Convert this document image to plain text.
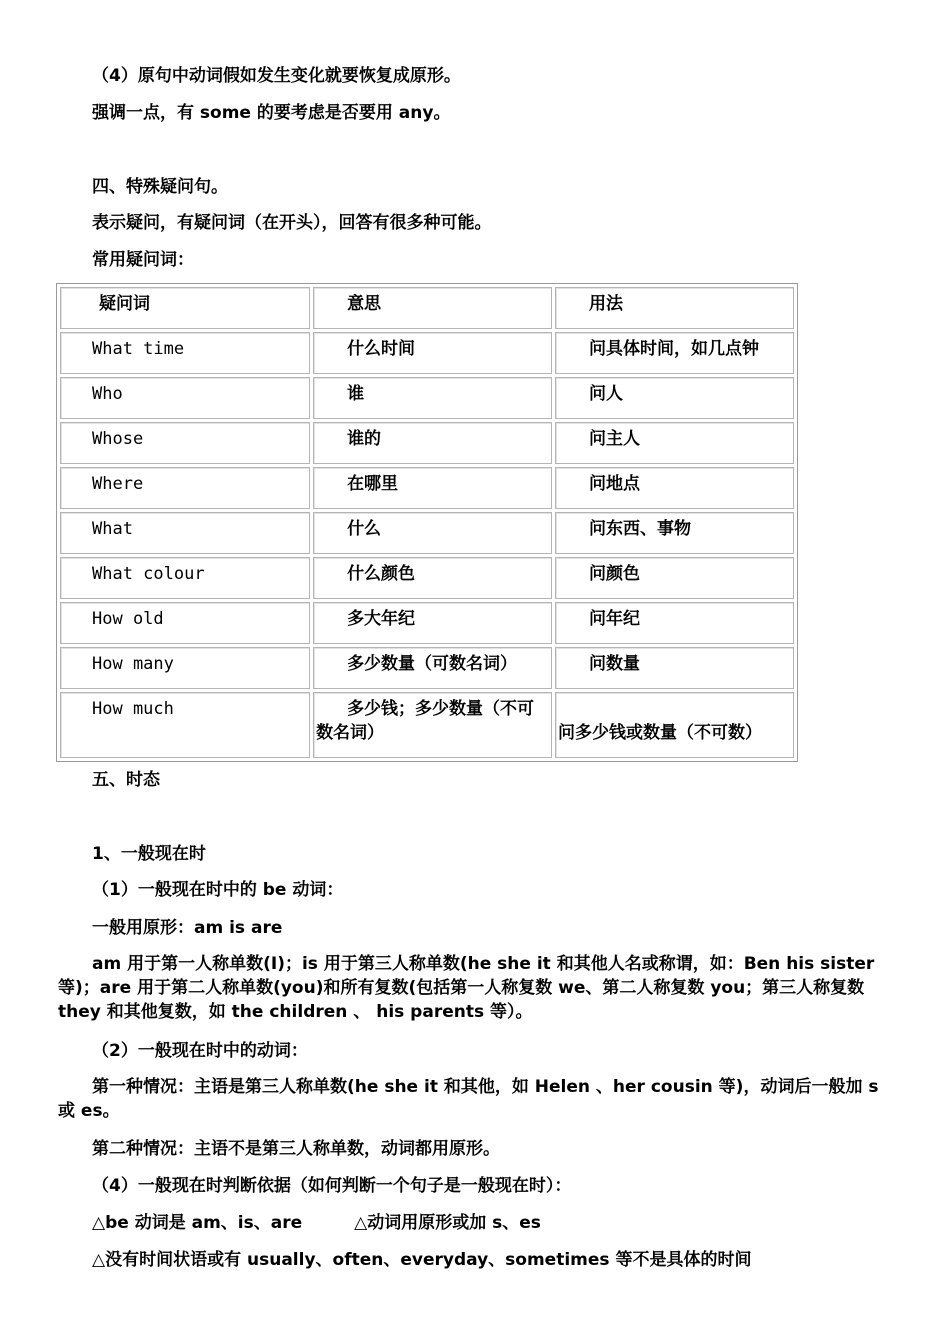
（4）原句中动词假如发生变化就要恢复成原形。
强调一点，有 some 的要考虑是否要用 any。
四、特殊疑问句。
表示疑问，有疑问词（在开头），回答有很多种可能。
常用疑问词：
疑问词	意思	用法
What time	什么时间	问具体时间，如几点钟
Who	谁	问人
Whose	谁的	问主人
Where	在哪里	问地点
What	什么	问东西、事物
What colour	什么颜色	问颜色
How old	多大年纪	问年纪
How many	多少数量（可数名词）	问数量
How much	多少钱；多少数量（不可数名词）	问多少钱或数量（不可数）
五、时态
1、一般现在时
（1）一般现在时中的 be 动词：
一般用原形：am is are
am 用于第一人称单数(I)；is 用于第三人称单数(he she it 和其他人名或称谓，如：Ben his sister 等)；are 用于第二人称单数(you)和所有复数(包括第一人称复数 we、第二人称复数 you；第三人称复数 they 和其他复数，如 the children 、 his parents 等）。
（2）一般现在时中的动词：
第一种情况：主语是第三人称单数(he she it 和其他，如 Helen 、her cousin 等)，动词后一般加 s 或 es。
第二种情况：主语不是第三人称单数，动词都用原形。
（4）一般现在时判断依据（如何判断一个句子是一般现在时）：
△be 动词是 am、is、are	△动词用原形或加 s、es
△没有时间状语或有 usually、often、everyday、sometimes 等不是具体的时间
